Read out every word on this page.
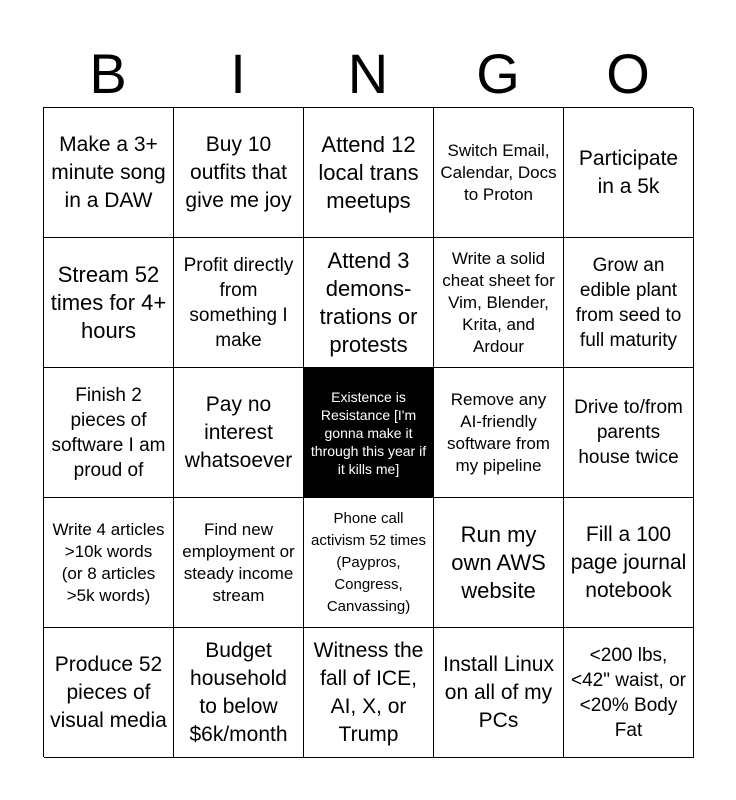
B	I	N	G	O
Make a 3+ minute song in a DAW
Buy 10 outfits that give me joy
Attend 12 local trans meetups
Switch Email, Calendar, Docs to Proton
Participate in a 5k
Stream 52 times for 4+ hours
Profit directly from something I make
Attend 3 demons-trations or protests
Write a solid cheat sheet for Vim, Blender, Krita, and Ardour
Grow an edible plant from seed to full maturity
Finish 2 pieces of software I am proud of
Pay no interest whatsoever
Existence is Resistance [I'm gonna make it through this year if it kills me]
Remove any AI-friendly software from my pipeline
Drive to/from parents house twice
Write 4 articles >10k words
(or 8 articles >5k words)
Find new employment or steady income stream
Phone call activism 52 times (Paypros, Congress, Canvassing)
Run my own AWS website
Fill a 100 page journal notebook
Produce 52 pieces of visual media
Budget household to below $6k/month
Witness the fall of ICE, AI, X, or Trump
Install Linux on all of my PCs
<200 lbs, <42" waist, or <20% Body Fat
